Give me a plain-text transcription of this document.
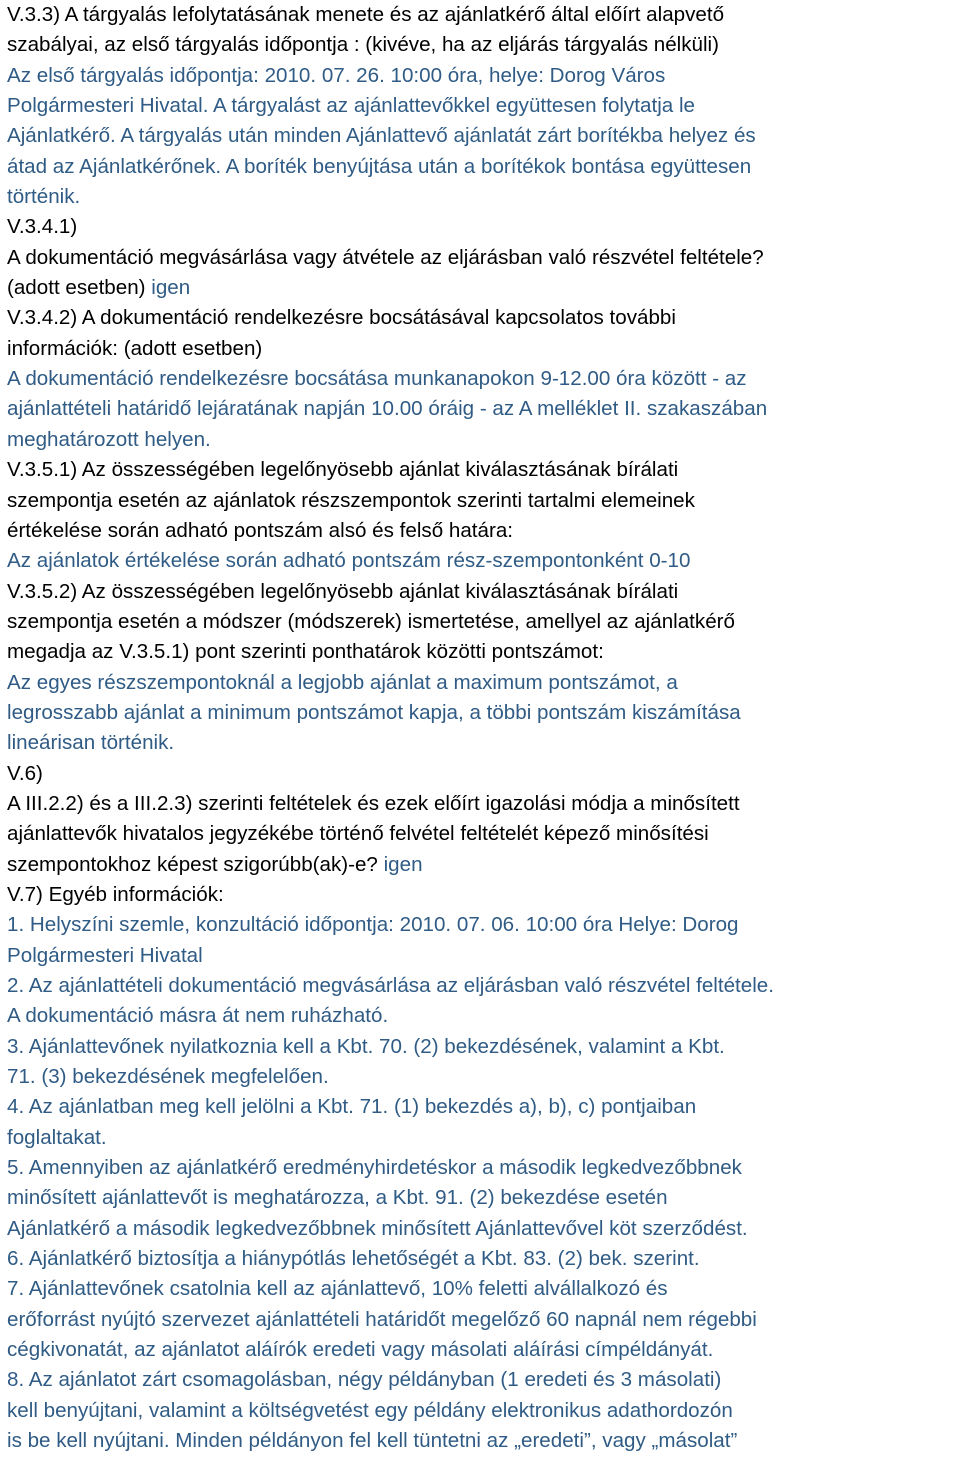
V.3.3) A tárgyalás lefolytatásának menete és az ajánlatkérő által előírt alapvető
szabályai, az első tárgyalás időpontja : (kivéve, ha az eljárás tárgyalás nélküli)
Az első tárgyalás időpontja: 2010. 07. 26. 10:00 óra, helye: Dorog Város
Polgármesteri Hivatal. A tárgyalást az ajánlattevőkkel együttesen folytatja le
Ajánlatkérő. A tárgyalás után minden Ajánlattevő ajánlatát zárt borítékba helyez és
átad az Ajánlatkérőnek. A boríték benyújtása után a borítékok bontása együttesen
történik.
V.3.4.1)
A dokumentáció megvásárlása vagy átvétele az eljárásban való részvétel feltétele?
(adott esetben) igen
V.3.4.2) A dokumentáció rendelkezésre bocsátásával kapcsolatos további
információk: (adott esetben)
A dokumentáció rendelkezésre bocsátása munkanapokon 9-12.00 óra között - az
ajánlattételi határidő lejáratának napján 10.00 óráig - az A melléklet II. szakaszában
meghatározott helyen.
V.3.5.1) Az összességében legelőnyösebb ajánlat kiválasztásának bírálati
szempontja esetén az ajánlatok részszempontok szerinti tartalmi elemeinek
értékelése során adható pontszám alsó és felső határa:
Az ajánlatok értékelése során adható pontszám rész-szempontonként 0-10
V.3.5.2) Az összességében legelőnyösebb ajánlat kiválasztásának bírálati
szempontja esetén a módszer (módszerek) ismertetése, amellyel az ajánlatkérő
megadja az V.3.5.1) pont szerinti ponthatárok közötti pontszámot:
Az egyes részszempontoknál a legjobb ajánlat a maximum pontszámot, a
legrosszabb ajánlat a minimum pontszámot kapja, a többi pontszám kiszámítása
lineárisan történik.
V.6)
A III.2.2) és a III.2.3) szerinti feltételek és ezek előírt igazolási módja a minősített
ajánlattevők hivatalos jegyzékébe történő felvétel feltételét képező minősítési
szempontokhoz képest szigorúbb(ak)-e? igen
V.7) Egyéb információk:
1. Helyszíni szemle, konzultáció időpontja: 2010. 07. 06. 10:00 óra Helye: Dorog
Polgármesteri Hivatal
2. Az ajánlattételi dokumentáció megvásárlása az eljárásban való részvétel feltétele.
A dokumentáció másra át nem ruházható.
3. Ajánlattevőnek nyilatkoznia kell a Kbt. 70. (2) bekezdésének, valamint a Kbt.
71. (3) bekezdésének megfelelően.
4. Az ajánlatban meg kell jelölni a Kbt. 71. (1) bekezdés a), b), c) pontjaiban
foglaltakat.
5. Amennyiben az ajánlatkérő eredményhirdetéskor a második legkedvezőbbnek
minősített ajánlattevőt is meghatározza, a Kbt. 91. (2) bekezdése esetén
Ajánlatkérő a második legkedvezőbbnek minősített Ajánlattevővel köt szerződést.
6. Ajánlatkérő biztosítja a hiánypótlás lehetőségét a Kbt. 83. (2) bek. szerint.
7. Ajánlattevőnek csatolnia kell az ajánlattevő, 10% feletti alvállalkozó és
erőforrást nyújtó szervezet ajánlattételi határidőt megelőző 60 napnál nem régebbi
cégkivonatát, az ajánlatot aláírók eredeti vagy másolati aláírási címpéldányát.
8. Az ajánlatot zárt csomagolásban, négy példányban (1 eredeti és 3 másolati)
kell benyújtani, valamint a költségvetést egy példány elektronikus adathordozón
is be kell nyújtani. Minden példányon fel kell tüntetni az „eredeti”, vagy „másolat”
